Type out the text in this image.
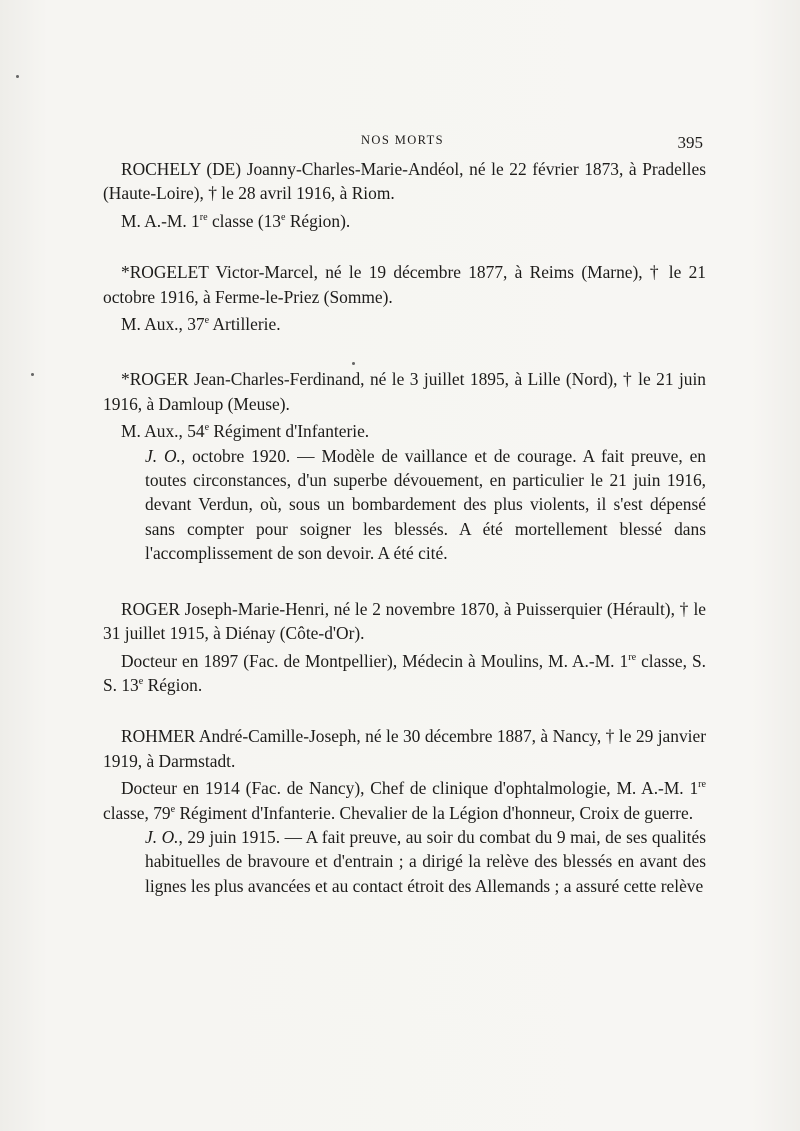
NOS MORTS	395

ROCHELY (DE) Joanny-Charles-Marie-Andéol, né le 22 février 1873, à Pradelles (Haute-Loire), † le 28 avril 1916, à Riom.

M. A.-M. 1re classe (13e Région).

*ROGELET Victor-Marcel, né le 19 décembre 1877, à Reims (Marne), † le 21 octobre 1916, à Ferme-le-Priez (Somme).

M. Aux., 37e Artillerie.

*ROGER Jean-Charles-Ferdinand, né le 3 juillet 1895, à Lille (Nord), † le 21 juin 1916, à Damloup (Meuse).

M. Aux., 54e Régiment d'Infanterie.

J. O., octobre 1920. — Modèle de vaillance et de courage. A fait preuve, en toutes circonstances, d'un superbe dévouement, en particulier le 21 juin 1916, devant Verdun, où, sous un bombardement des plus violents, il s'est dépensé sans compter pour soigner les blessés. A été mortellement blessé dans l'accomplissement de son devoir. A été cité.

ROGER Joseph-Marie-Henri, né le 2 novembre 1870, à Puisserquier (Hérault), † le 31 juillet 1915, à Diénay (Côte-d'Or).

Docteur en 1897 (Fac. de Montpellier), Médecin à Moulins, M. A.-M. 1re classe, S. S. 13e Région.

ROHMER André-Camille-Joseph, né le 30 décembre 1887, à Nancy, † le 29 janvier 1919, à Darmstadt.

Docteur en 1914 (Fac. de Nancy), Chef de clinique d'ophtalmologie, M. A.-M. 1re classe, 79e Régiment d'Infanterie. Chevalier de la Légion d'honneur, Croix de guerre.

J. O., 29 juin 1915. — A fait preuve, au soir du combat du 9 mai, de ses qualités habituelles de bravoure et d'entrain ; a dirigé la relève des blessés en avant des lignes les plus avancées et au contact étroit des Allemands ; a assuré cette relève
